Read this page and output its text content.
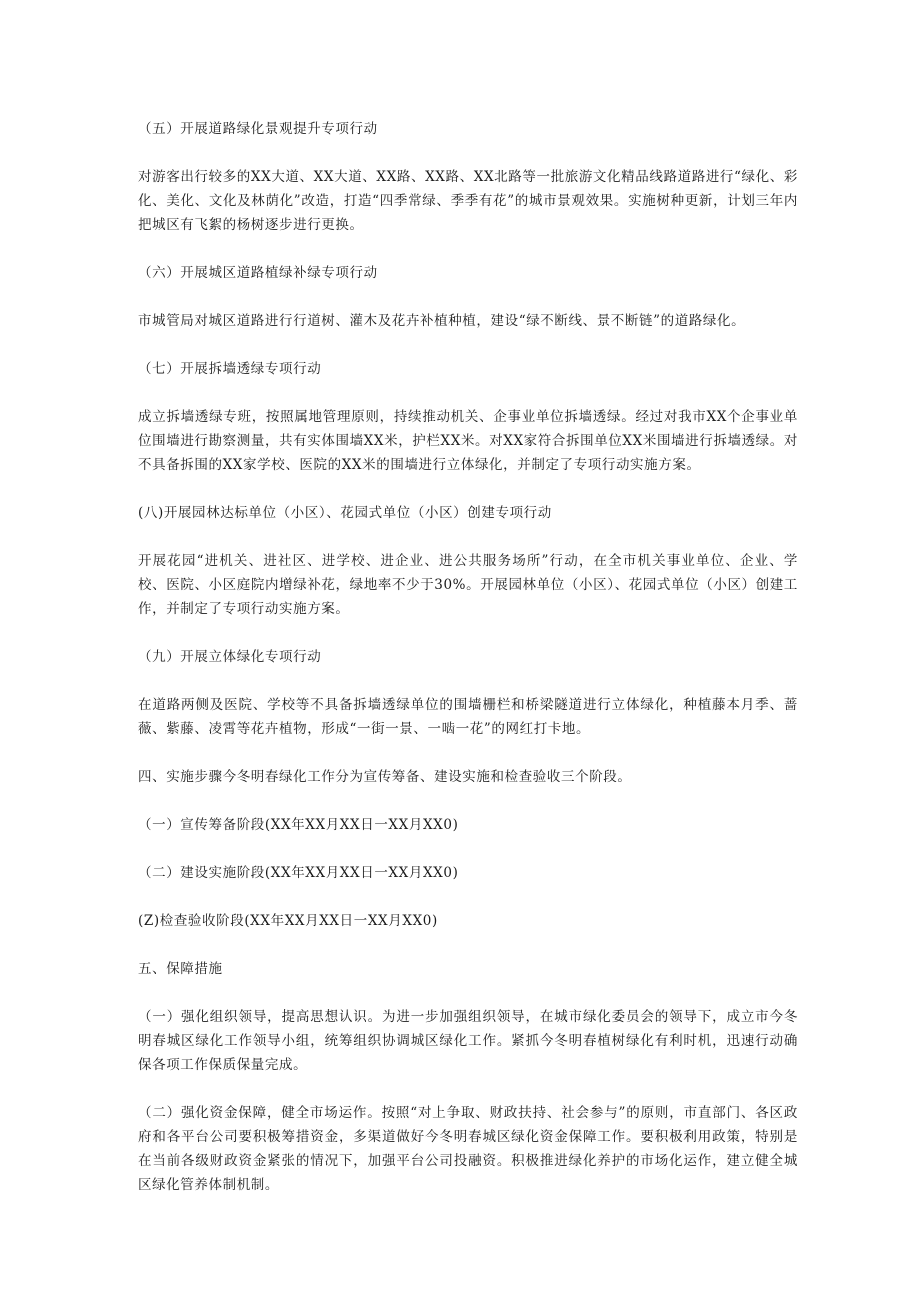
（五）开展道路绿化景观提升专项行动

对游客出行较多的XX大道、XX大道、XX路、XX路、XX北路等一批旅游文化精品线路道路进行“绿化、彩化、美化、文化及林荫化”改造，打造“四季常绿、季季有花”的城市景观效果。实施树种更新，计划三年内把城区有飞絮的杨树逐步进行更换。

（六）开展城区道路植绿补绿专项行动

市城管局对城区道路进行行道树、灌木及花卉补植种植，建设“绿不断线、景不断链”的道路绿化。

（七）开展拆墙透绿专项行动

成立拆墙透绿专班，按照属地管理原则，持续推动机关、企事业单位拆墙透绿。经过对我市XX个企事业单位围墙进行勘察测量，共有实体围墙XX米，护栏XX米。对XX家符合拆围单位XX米围墙进行拆墙透绿。对不具备拆围的XX家学校、医院的XX米的围墙进行立体绿化，并制定了专项行动实施方案。

(八)开展园林达标单位（小区）、花园式单位（小区）创建专项行动

开展花园“进机关、进社区、进学校、进企业、进公共服务场所”行动，在全市机关事业单位、企业、学校、医院、小区庭院内增绿补花，绿地率不少于30%。开展园林单位（小区）、花园式单位（小区）创建工作，并制定了专项行动实施方案。

（九）开展立体绿化专项行动

在道路两侧及医院、学校等不具备拆墙透绿单位的围墙栅栏和桥梁隧道进行立体绿化，种植藤本月季、蔷薇、紫藤、凌霄等花卉植物，形成“一街一景、一啮一花”的网红打卡地。

四、实施步骤今冬明春绿化工作分为宣传筹备、建设实施和检查验收三个阶段。

（一）宣传筹备阶段(XX年XX月XX日一XX月XX0)

（二）建设实施阶段(XX年XX月XX日一XX月XX0)

(Z)检查验收阶段(XX年XX月XX日一XX月XX0)

五、保障措施

（一）强化组织领导，提高思想认识。为进一步加强组织领导，在城市绿化委员会的领导下，成立市今冬明春城区绿化工作领导小组，统筹组织协调城区绿化工作。紧抓今冬明春植树绿化有利时机，迅速行动确保各项工作保质保量完成。

（二）强化资金保障，健全市场运作。按照“对上争取、财政扶持、社会参与”的原则，市直部门、各区政府和各平台公司要积极筹措资金，多渠道做好今冬明春城区绿化资金保障工作。要积极利用政策，特别是在当前各级财政资金紧张的情况下，加强平台公司投融资。积极推进绿化养护的市场化运作，建立健全城区绿化管养体制机制。
